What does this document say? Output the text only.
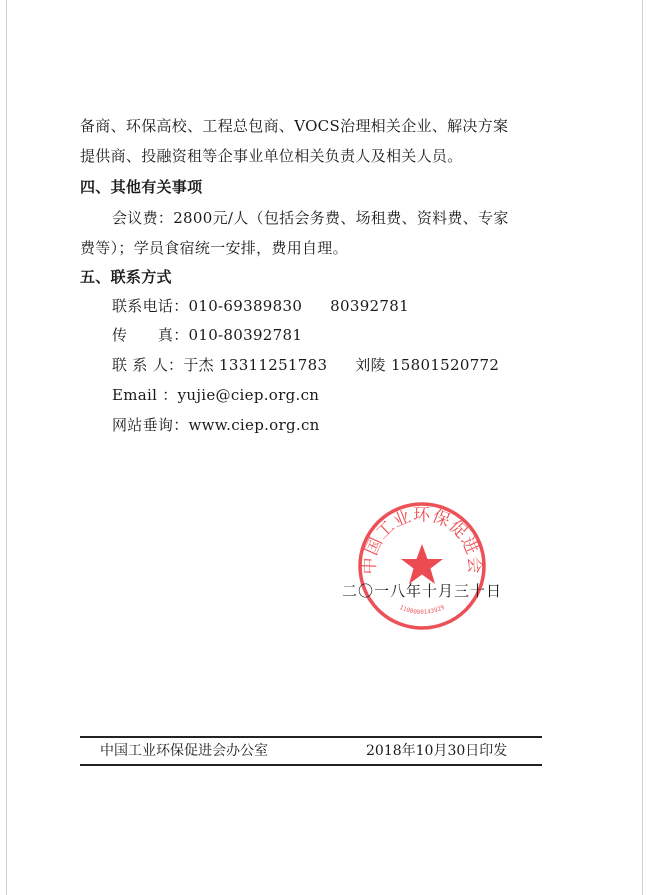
备商、环保高校、工程总包商、VOCS治理相关企业、解决方案
提供商、投融资租等企事业单位相关负责人及相关人员。
四、其他有关事项
会议费：2800元/人（包括会务费、场租费、资料费、专家
费等）；学员食宿统一安排，费用自理。
五、联系方式
联系电话：010-69389830 80392781
传　　真：010-80392781
联 系 人：于杰 13311251783 刘陵 15801520772
Email ：yujie@ciep.org.cn
网站垂询：www.ciep.org.cn
中国工业环保促进会
1100000143929
二〇一八年十月三十日
中国工业环保促进会办公室	2018年10月30日印发
